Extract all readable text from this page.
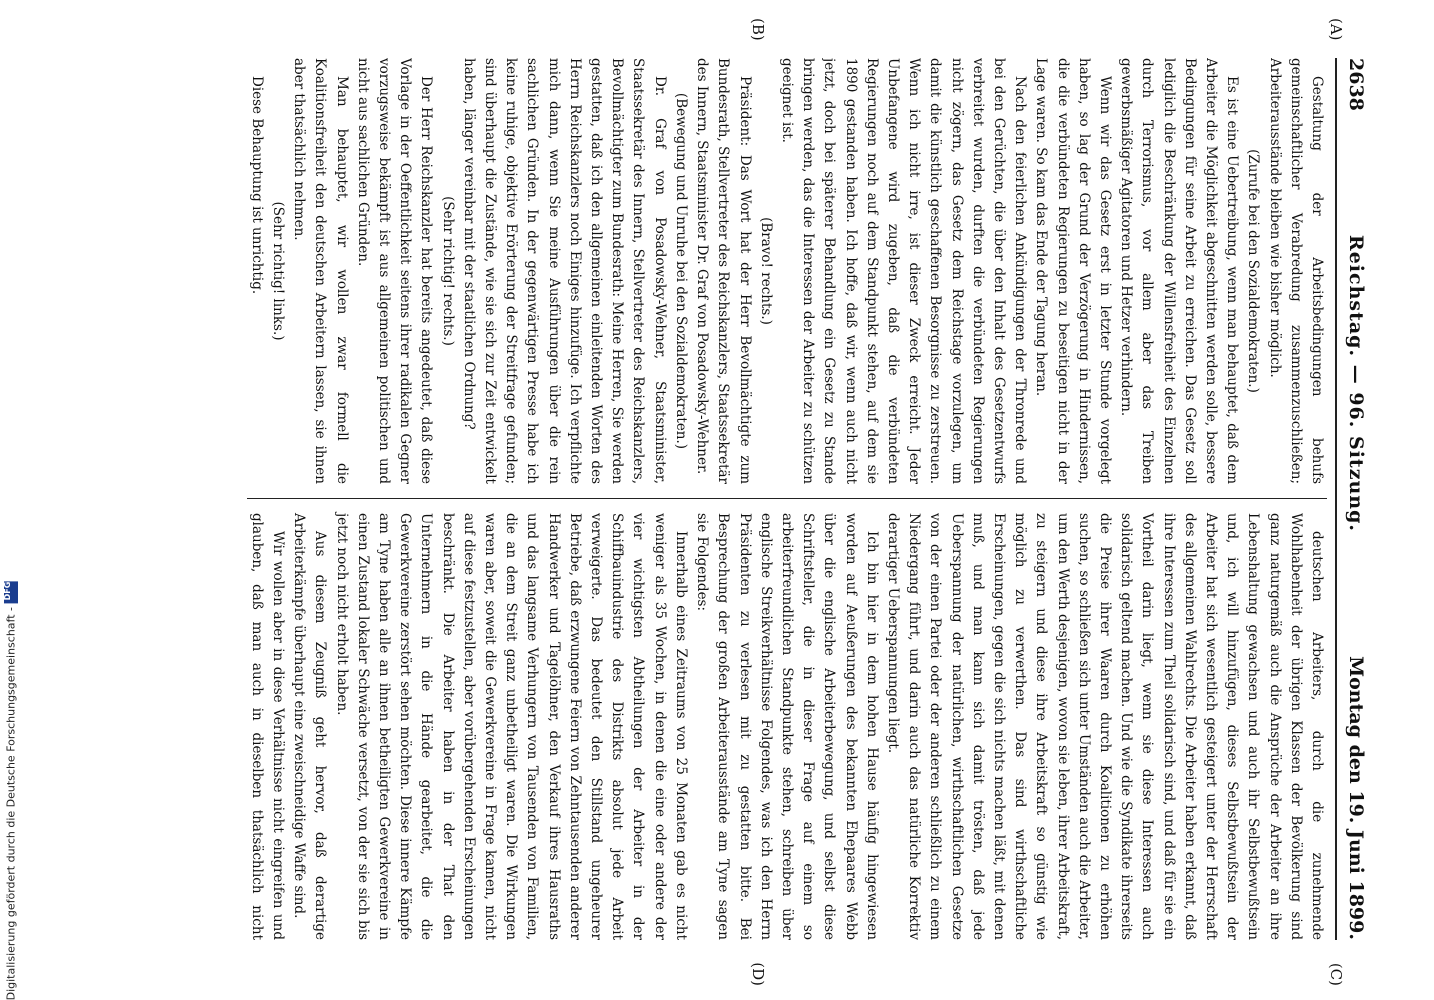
Digitalisierung gefördert durch die Deutsche Forschungsgemeinschaft -
DFG
2638
Reichstag. — 96. Sitzung.
Montag den 19. Juni 1899.
(A)
(B)
(C)
(D)

Gestaltung der Arbeitsbedingungen behufs gemeinschaftlicher Verabredung zusammenzuschließen; Arbeiterausstände bleiben wie bisher möglich.

(Zurufe bei den Sozialdemokraten.)

Es ist eine Uebertreibung, wenn man behauptet, daß dem Arbeiter die Möglichkeit abgeschnitten werden solle, bessere Bedingungen für seine Arbeit zu erreichen. Das Gesetz soll lediglich die Beschränkung der Willensfreiheit des Einzelnen durch Terrorismus, vor allem aber das Treiben gewerbsmäßiger Agitatoren und Hetzer verhindern.

Wenn wir das Gesetz erst in letzter Stunde vorgelegt haben, so lag der Grund der Verzögerung in Hindernissen, die die verbündeten Regierungen zu beseitigen nicht in der Lage waren. So kam das Ende der Tagung heran.

Nach den feierlichen Ankündigungen der Thronrede und bei den Gerüchten, die über den Inhalt des Gesetzentwurfs verbreitet wurden, durften die verbündeten Regierungen nicht zögern, das Gesetz dem Reichstage vorzulegen, um damit die künstlich geschaffenen Besorgnisse zu zerstreuen. Wenn ich nicht irre, ist dieser Zweck erreicht. Jeder Unbefangene wird zugeben, daß die verbündeten Regierungen noch auf dem Standpunkt stehen, auf dem sie 1890 gestanden haben. Ich hoffe, daß wir, wenn auch nicht jetzt, doch bei späterer Behandlung ein Gesetz zu Stande bringen werden, das die Interessen der Arbeiter zu schützen geeignet ist.

(Bravo! rechts.)

Präsident: Das Wort hat der Herr Bevollmächtigte zum Bundesrath, Stellvertreter des Reichskanzlers, Staatssekretär des Innern, Staatsminister Dr. Graf von Posadowsky-Wehner.

(Bewegung und Unruhe bei den Sozialdemokraten.)

Dr. Graf von Posadowsky-Wehner, Staatsminister, Staatssekretär des Innern, Stellvertreter des Reichskanzlers, Bevollmächtigter zum Bundesrath: Meine Herren, Sie werden gestatten, daß ich den allgemeinen einleitenden Worten des Herrn Reichskanzlers noch Einiges hinzufüge. Ich verpflichte mich dann, wenn Sie meine Ausführungen über die rein sachlichen Gründen. In der gegenwärtigen Presse habe ich keine ruhige, objektive Erörterung der Streitfrage gefunden; sind überhaupt die Zustände, wie sie sich zur Zeit entwickelt haben, länger vereinbar mit der staatlichen Ordnung?

(Sehr richtig! rechts.)

Der Herr Reichskanzler hat bereits angedeutet, daß diese Vorlage in der Oeffentlichkeit seitens ihrer radikalen Gegner vorzugsweise bekämpft ist aus allgemeinen politischen und nicht aus sachlichen Gründen.

Man behauptet, wir wollen zwar formell die Koalitionsfreiheit den deutschen Arbeitern lassen, sie ihnen aber thatsächlich nehmen.

(Sehr richtig! links.)

Diese Behauptung ist unrichtig.

deutschen Arbeiters, durch die zunehmende Wohlhabenheit der übrigen Klassen der Bevölkerung sind ganz naturgemäß auch die Ansprüche der Arbeiter an ihre Lebenshaltung gewachsen und auch ihr Selbstbewußtsein und, ich will hinzufügen, dieses Selbstbewußtsein der Arbeiter hat sich wesentlich gesteigert unter der Herrschaft des allgemeinen Wahlrechts. Die Arbeiter haben erkannt, daß ihre Interessen zum Theil solidarisch sind, und daß für sie ein Vortheil darin liegt, wenn sie diese Interessen auch solidarisch geltend machen. Und wie die Syndikate ihrerseits die Preise ihrer Waaren durch Koalitionen zu erhöhen suchen, so schließen sich unter Umständen auch die Arbeiter, um den Werth desjenigen, wovon sie leben, ihrer Arbeitskraft, zu steigern und diese ihre Arbeitskraft so günstig wie möglich zu verwerthen. Das sind wirthschaftliche Erscheinungen, gegen die sich nichts machen läßt, mit denen muß, und man kann sich damit trösten, daß jede Ueberspannung der natürlichen, wirthschaftlichen Gesetze von der einen Partei oder der anderen schließlich zu einem Niedergang führt, und darin auch das natürliche Korrektiv derartiger Ueberspannungen liegt.

Ich bin hier in dem hohen Hause häufig hingewiesen worden auf Aeußerungen des bekannten Ehepaares Webb über die englische Arbeiterbewegung, und selbst diese Schriftsteller, die in dieser Frage auf einem so arbeiterfreundlichen Standpunkte stehen, schreiben über englische Streikverhältnisse Folgendes, was ich den Herrn Präsidenten zu verlesen mit zu gestatten bitte. Bei Besprechung der großen Arbeiterausstände am Tyne sagen sie Folgendes:

Innerhalb eines Zeitraums von 25 Monaten gab es nicht weniger als 35 Wochen, in denen die eine oder andere der vier wichtigsten Abtheilungen der Arbeiter in der Schiffbauindustrie des Distrikts absolut jede Arbeit verweigerte. Das bedeutet den Stillstand ungeheurer Betriebe, daß erzwungene Feiern von Zehntausenden anderer Handwerker und Tagelöhner, den Verkauf ihres Hausraths und das langsame Verhungern von Tausenden von Familien, die an dem Streit ganz unbetheiligt waren. Die Wirkungen waren aber, soweit die Gewerkvereine in Frage kamen, nicht auf diese festzustellen, aber vorübergehenden Erscheinungen beschränkt. Die Arbeiter haben in der That den Unternehmern in die Hände gearbeitet, die die Gewerkvereine zerstört sehen möchten. Diese innere Kämpfe am Tyne haben alle an ihnen betheiligten Gewerkvereine in einen Zustand lokaler Schwäche versetzt, von der sie sich bis jetzt noch nicht erholt haben.

Aus diesem Zeugniß geht hervor, daß derartige Arbeiterkämpfe überhaupt eine zweischneidige Waffe sind.

Wir wollen aber in diese Verhältnisse nicht eingreifen und glauben, daß man auch in dieselben thatsächlich nicht
